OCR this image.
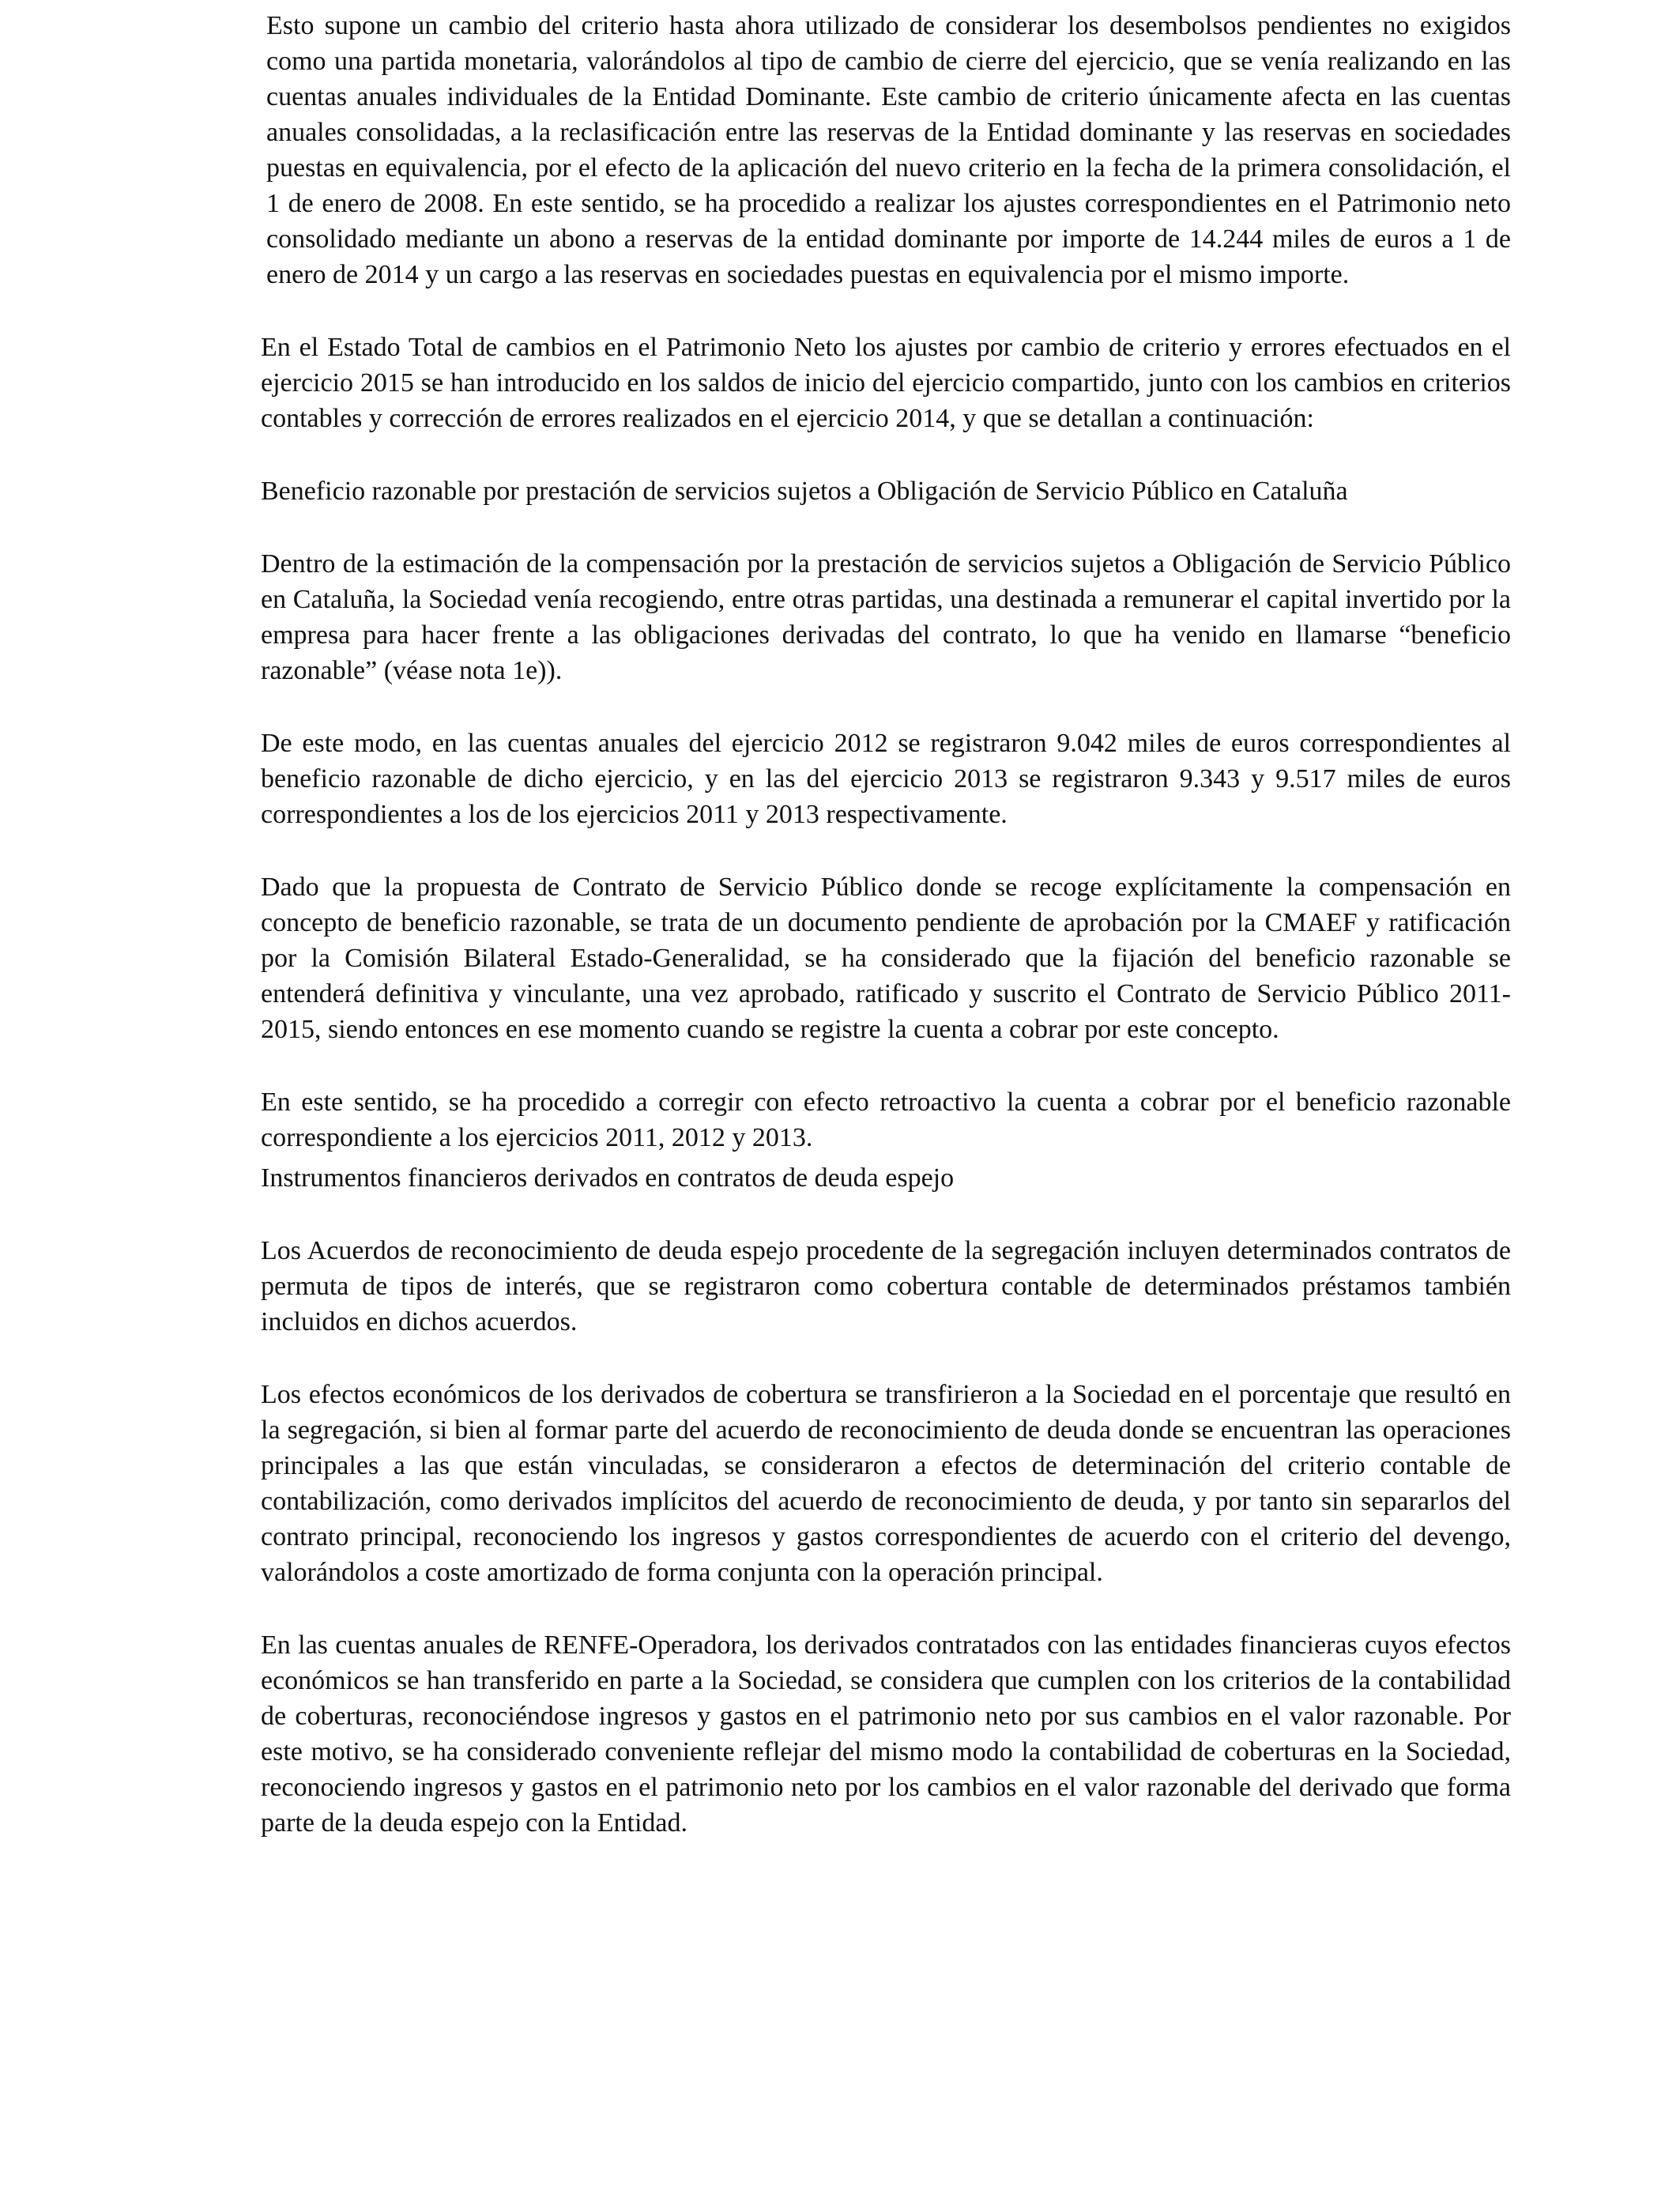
Esto supone un cambio del criterio hasta ahora utilizado de considerar los desembolsos pendientes no exigidos como una partida monetaria, valorándolos al tipo de cambio de cierre del ejercicio, que se venía realizando en las cuentas anuales individuales de la Entidad Dominante. Este cambio de criterio únicamente afecta en las cuentas anuales consolidadas, a la reclasificación entre las reservas de la Entidad dominante y las reservas en sociedades puestas en equivalencia, por el efecto de la aplicación del nuevo criterio en la fecha de la primera consolidación, el 1 de enero de 2008. En este sentido, se ha procedido a realizar los ajustes correspondientes en el Patrimonio neto consolidado mediante un abono a reservas de la entidad dominante por importe de 14.244 miles de euros a 1 de enero de 2014 y un cargo a las reservas en sociedades puestas en equivalencia por el mismo importe.

En el Estado Total de cambios en el Patrimonio Neto los ajustes por cambio de criterio y errores efectuados en el ejercicio 2015 se han introducido en los saldos de inicio del ejercicio compartido, junto con los cambios en criterios contables y corrección de errores realizados en el ejercicio 2014, y que se detallan a continuación:

Beneficio razonable por prestación de servicios sujetos a Obligación de Servicio Público en Cataluña

Dentro de la estimación de la compensación por la prestación de servicios sujetos a Obligación de Servicio Público en Cataluña, la Sociedad venía recogiendo, entre otras partidas, una destinada a remunerar el capital invertido por la empresa para hacer frente a las obligaciones derivadas del contrato, lo que ha venido en llamarse “beneficio razonable” (véase nota 1e)).

De este modo, en las cuentas anuales del ejercicio 2012 se registraron 9.042 miles de euros correspondientes al beneficio razonable de dicho ejercicio, y en las del ejercicio 2013 se registraron 9.343 y 9.517 miles de euros correspondientes a los de los ejercicios 2011 y 2013 respectivamente.

Dado que la propuesta de Contrato de Servicio Público donde se recoge explícitamente la compensación en concepto de beneficio razonable, se trata de un documento pendiente de aprobación por la CMAEF y ratificación por la Comisión Bilateral Estado-Generalidad, se ha considerado que la fijación del beneficio razonable se entenderá definitiva y vinculante, una vez aprobado, ratificado y suscrito el Contrato de Servicio Público 2011-2015, siendo entonces en ese momento cuando se registre la cuenta a cobrar por este concepto.

En este sentido, se ha procedido a corregir con efecto retroactivo la cuenta a cobrar por el beneficio razonable correspondiente a los ejercicios 2011, 2012 y 2013.

Instrumentos financieros derivados en contratos de deuda espejo

Los Acuerdos de reconocimiento de deuda espejo procedente de la segregación incluyen determinados contratos de permuta de tipos de interés, que se registraron como cobertura contable de determinados préstamos también incluidos en dichos acuerdos.

Los efectos económicos de los derivados de cobertura se transfirieron a la Sociedad en el porcentaje que resultó en la segregación, si bien al formar parte del acuerdo de reconocimiento de deuda donde se encuentran las operaciones principales a las que están vinculadas, se consideraron a efectos de determinación del criterio contable de contabilización, como derivados implícitos del acuerdo de reconocimiento de deuda, y por tanto sin separarlos del contrato principal, reconociendo los ingresos y gastos correspondientes de acuerdo con el criterio del devengo, valorándolos a coste amortizado de forma conjunta con la operación principal.

En las cuentas anuales de RENFE-Operadora, los derivados contratados con las entidades financieras cuyos efectos económicos se han transferido en parte a la Sociedad, se considera que cumplen con los criterios de la contabilidad de coberturas, reconociéndose ingresos y gastos en el patrimonio neto por sus cambios en el valor razonable. Por este motivo, se ha considerado conveniente reflejar del mismo modo la contabilidad de coberturas en la Sociedad, reconociendo ingresos y gastos en el patrimonio neto por los cambios en el valor razonable del derivado que forma parte de la deuda espejo con la Entidad.
